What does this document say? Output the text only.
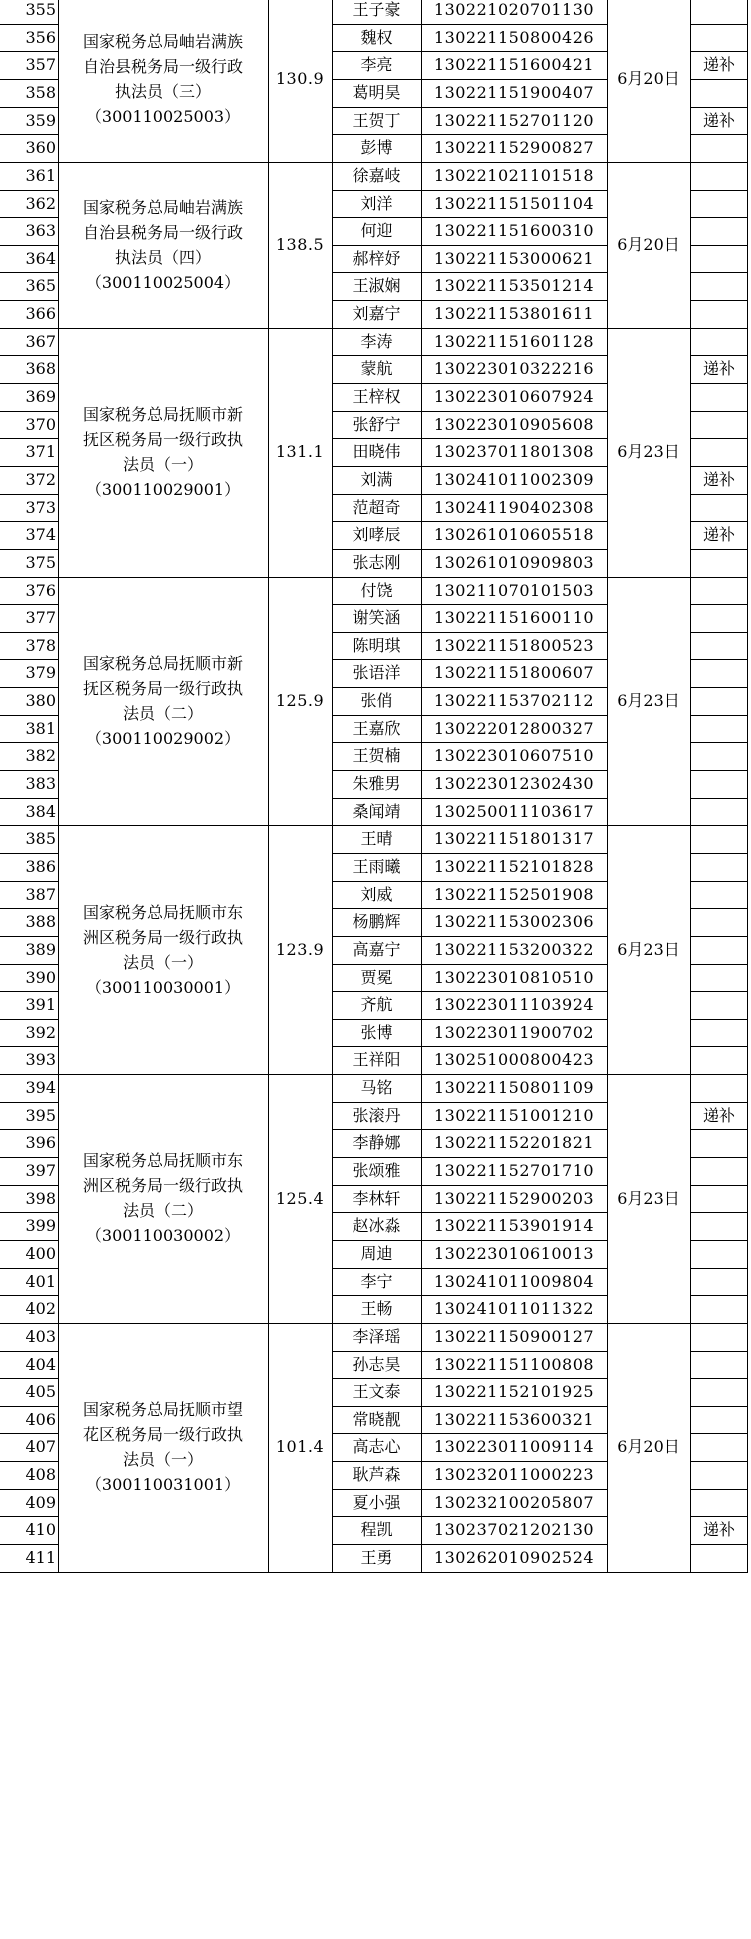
国家税务总局岫岩满族
自治县税务局一级行政
执法员（三）
（300110025003）
130.9	6月20日
355	王子豪	130221020701130
356	魏权	130221150800426
357	李亮	130221151600421	递补
358	葛明昊	130221151900407
359	王贺丁	130221152701120	递补
360	彭博	130221152900827
国家税务总局岫岩满族
自治县税务局一级行政
执法员（四）
（300110025004）
138.5	6月20日
361	徐嘉岐	130221021101518
362	刘洋	130221151501104
363	何迎	130221151600310
364	郝梓妤	130221153000621
365	王淑娴	130221153501214
366	刘嘉宁	130221153801611
国家税务总局抚顺市新
抚区税务局一级行政执
法员（一）
（300110029001）
131.1	6月23日
367	李涛	130221151601128
368	蒙航	130223010322216	递补
369	王梓权	130223010607924
370	张舒宁	130223010905608
371	田晓伟	130237011801308
372	刘满	130241011002309	递补
373	范超奇	130241190402308
374	刘哮辰	130261010605518	递补
375	张志刚	130261010909803
国家税务总局抚顺市新
抚区税务局一级行政执
法员（二）
（300110029002）
125.9	6月23日
376	付饶	130211070101503
377	谢笑涵	130221151600110
378	陈明琪	130221151800523
379	张语洋	130221151800607
380	张俏	130221153702112
381	王嘉欣	130222012800327
382	王贺楠	130223010607510
383	朱雅男	130223012302430
384	桑闻靖	130250011103617
国家税务总局抚顺市东
洲区税务局一级行政执
法员（一）
（300110030001）
123.9	6月23日
385	王晴	130221151801317
386	王雨曦	130221152101828
387	刘威	130221152501908
388	杨鹏辉	130221153002306
389	高嘉宁	130221153200322
390	贾冕	130223010810510
391	齐航	130223011103924
392	张博	130223011900702
393	王祥阳	130251000800423
国家税务总局抚顺市东
洲区税务局一级行政执
法员（二）
（300110030002）
125.4	6月23日
394	马铭	130221150801109
395	张滚丹	130221151001210	递补
396	李静娜	130221152201821
397	张颂雅	130221152701710
398	李林轩	130221152900203
399	赵冰淼	130221153901914
400	周迪	130223010610013
401	李宁	130241011009804
402	王畅	130241011011322
国家税务总局抚顺市望
花区税务局一级行政执
法员（一）
（300110031001）
101.4	6月20日
403	李泽瑶	130221150900127
404	孙志昊	130221151100808
405	王文泰	130221152101925
406	常晓靓	130221153600321
407	高志心	130223011009114
408	耿芦森	130232011000223
409	夏小强	130232100205807
410	程凯	130237021202130	递补
411	王勇	130262010902524
